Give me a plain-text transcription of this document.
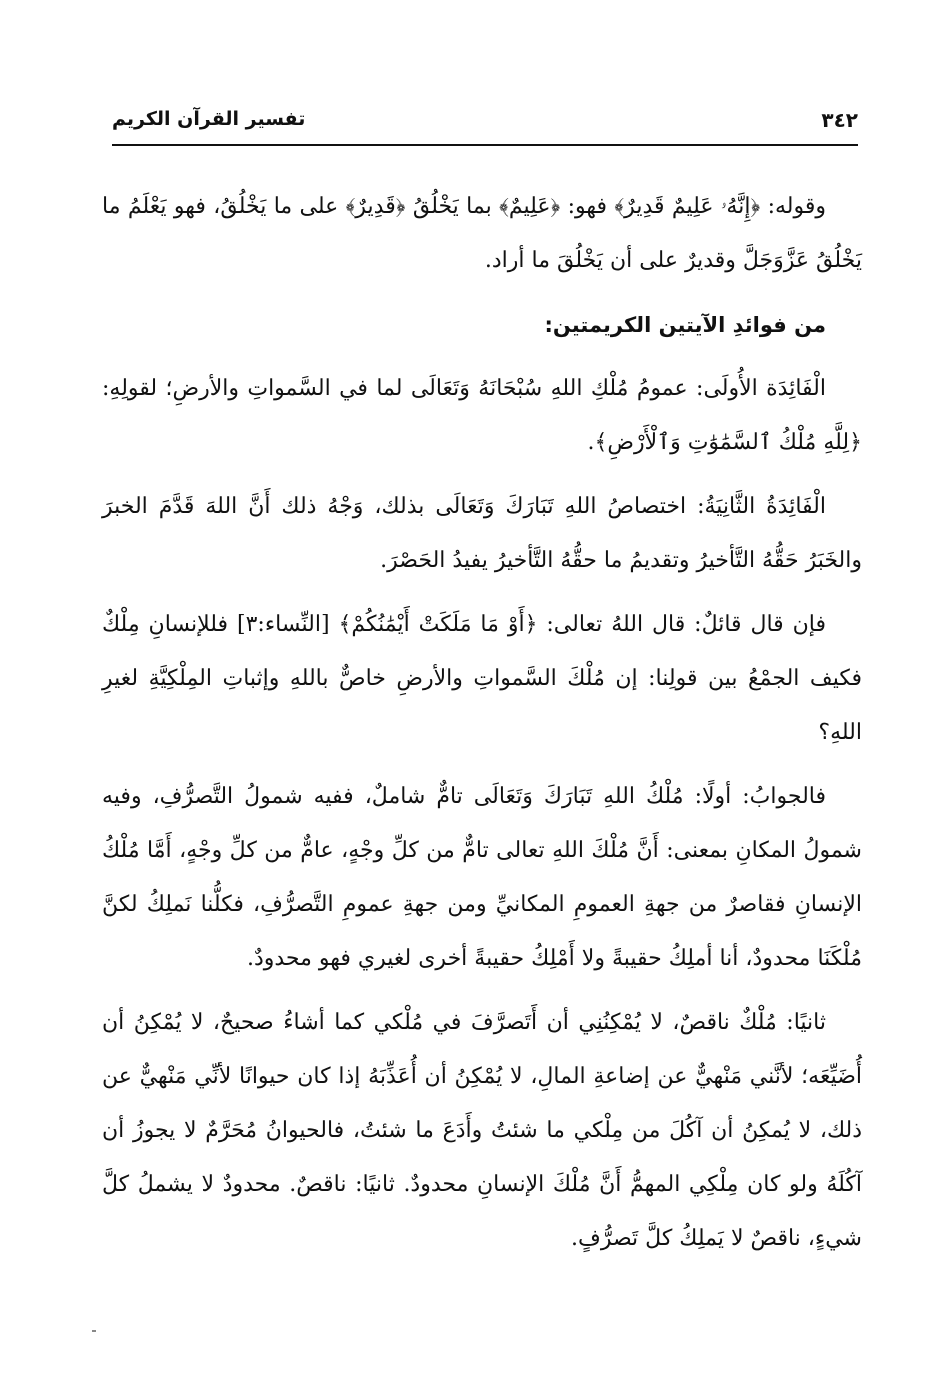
٣٤٢
تفسير القرآن الكريم

وقوله: ﴿إِنَّهُۥ عَلِيمٌ قَدِيرٌ﴾ فهو: ﴿عَلِيمٌ﴾ بما يَخْلُقُ ﴿قَدِيرٌ﴾ على ما يَخْلُقُ، فهو يَعْلَمُ ما يَخْلُقُ عَزَّوَجَلَّ وقديرٌ على أن يَخْلُقَ ما أراد.

من فوائدِ الآيتين الكريمتين:

الْفَائِدَة الأُولَى: عمومُ مُلْكِ اللهِ سُبْحَانَهُ وَتَعَالَى لما في السَّمواتِ والأرضِ؛ لقولِهِ: ﴿لِلَّهِ مُلْكُ ٱلسَّمَٰوَٰتِ وَٱلْأَرْضِ﴾.

الْفَائِدَةُ الثَّانِيَةُ: اختصاصُ اللهِ تَبَارَكَ وَتَعَالَى بذلك، وَجْهُ ذلك أَنَّ اللهَ قَدَّمَ الخبرَ والخَبَرُ حَقُّهُ التَّأخيرُ وتقديمُ ما حقُّهُ التَّأخيرُ يفيدُ الحَصْرَ.

فإن قال قائلٌ: قال اللهُ تعالى: ﴿أَوْ مَا مَلَكَتْ أَيْمَٰنُكُمْ﴾ [النِّساء:٣] فللإنسانِ مِلْكٌ فكيف الجمْعُ بين قولِنا: إن مُلْكَ السَّمواتِ والأرضِ خاصٌّ باللهِ وإثباتِ المِلْكِيَّةِ لغيرِ اللهِ؟

فالجوابُ: أولًا: مُلْكُ اللهِ تَبَارَكَ وَتَعَالَى تامٌّ شاملٌ، ففيه شمولُ التَّصرُّفِ، وفيه شمولُ المكانِ بمعنى: أَنَّ مُلْكَ اللهِ تعالى تامٌّ من كلِّ وجْهٍ، عامٌّ من كلِّ وجْهٍ، أَمَّا مُلْكُ الإنسانِ فقاصرٌ من جهةِ العمومِ المكانيِّ ومن جهةِ عمومِ التَّصرُّفِ، فكلُّنا نَملِكُ لكنَّ مُلْكَنَا محدودٌ، أنا أملِكُ حقيبةً ولا أَمْلِكُ حقيبةً أخرى لغيري فهو محدودٌ.

ثانيًا: مُلْكٌ ناقصٌ، لا يُمْكِنُنِي أن أَتَصرَّفَ في مُلْكي كما أشاءُ صحيحٌ، لا يُمْكِنُ أن أُضَيِّعَه؛ لأنَّني مَنْهيٌّ عن إضاعةِ المالِ، لا يُمْكِنُ أن أُعَذِّبَهُ إذا كان حيوانًا لأنِّي مَنْهيٌّ عن ذلك، لا يُمكِنُ أن آكُلَ من مِلْكي ما شئتُ وأَدَعَ ما شئتُ، فالحيوانُ مُحَرَّمٌ لا يجوزُ أن آكُلَهُ ولو كان مِلْكِي المهمُّ أَنَّ مُلْكَ الإنسانِ محدودٌ. ثانيًا: ناقصٌ. محدودٌ لا يشملُ كلَّ شيءٍ، ناقصٌ لا يَملِكُ كلَّ تَصرُّفٍ.
